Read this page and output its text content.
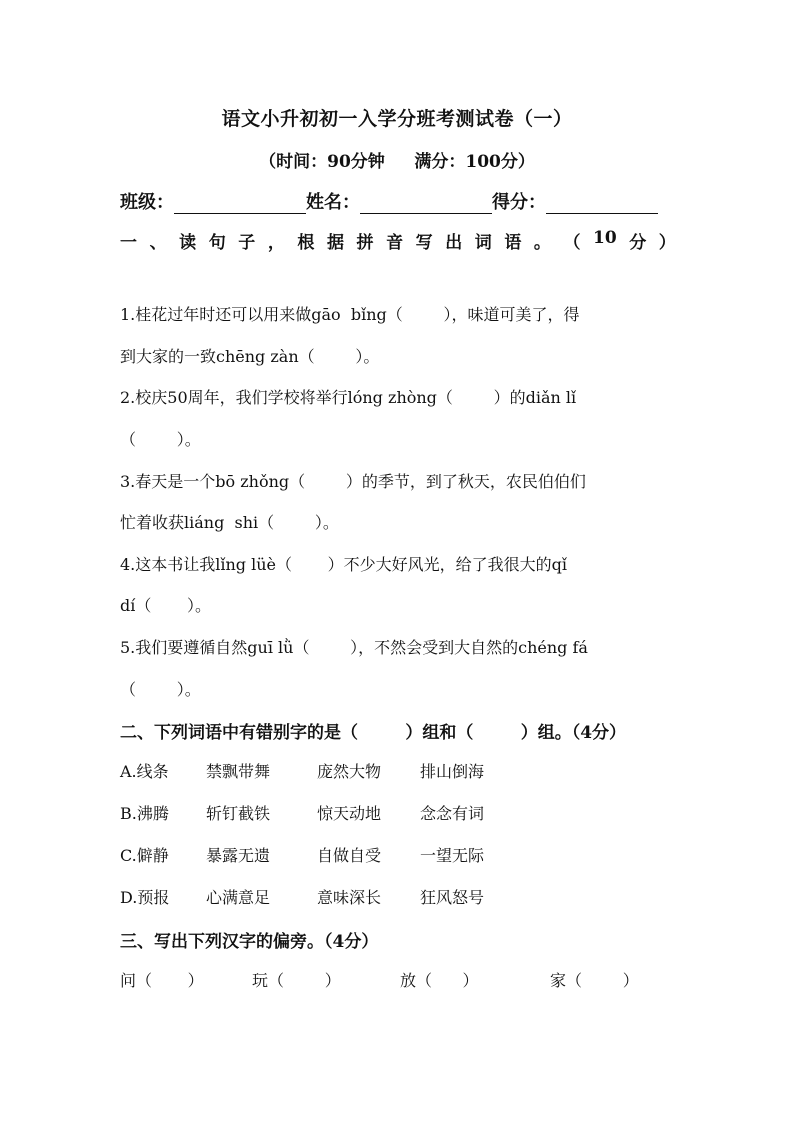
语文小升初初一入学分班考测试卷（一）
（时间：90分钟     满分：100分）
班级：	姓名：	得分：
一 、 读 句 子 ， 根 据 拼 音 写 出 词 语 。 （ 10 分 ）
1.桂花过年时还可以用来做gāo  bǐng（        ），味道可美了，得
到大家的一致chēng zàn（        ）。
2.校庆50周年，我们学校将举行lóng zhòng（        ）的diǎn lǐ
（        ）。
3.春天是一个bō zhǒng（        ）的季节，到了秋天，农民伯伯们
忙着收获liáng  shi（        ）。
4.这本书让我lǐng lüè（       ）不少大好风光，给了我很大的qǐ
dí（       ）。
5.我们要遵循自然guī lǜ（        ），不然会受到大自然的chéng fá
（        ）。
二、下列词语中有错别字的是（        ）组和（        ）组。（4分）
A.线条 禁飘带舞	庞然大物 排山倒海
B.沸腾 斩钉截铁	惊天动地 念念有词
C.僻静 暴露无遗	自做自受 一望无际
D.预报 心满意足	意味深长 狂风怒号
三、写出下列汉字的偏旁。（4分）
问（       ）	玩（        ）	放（      ）	家（        ）
